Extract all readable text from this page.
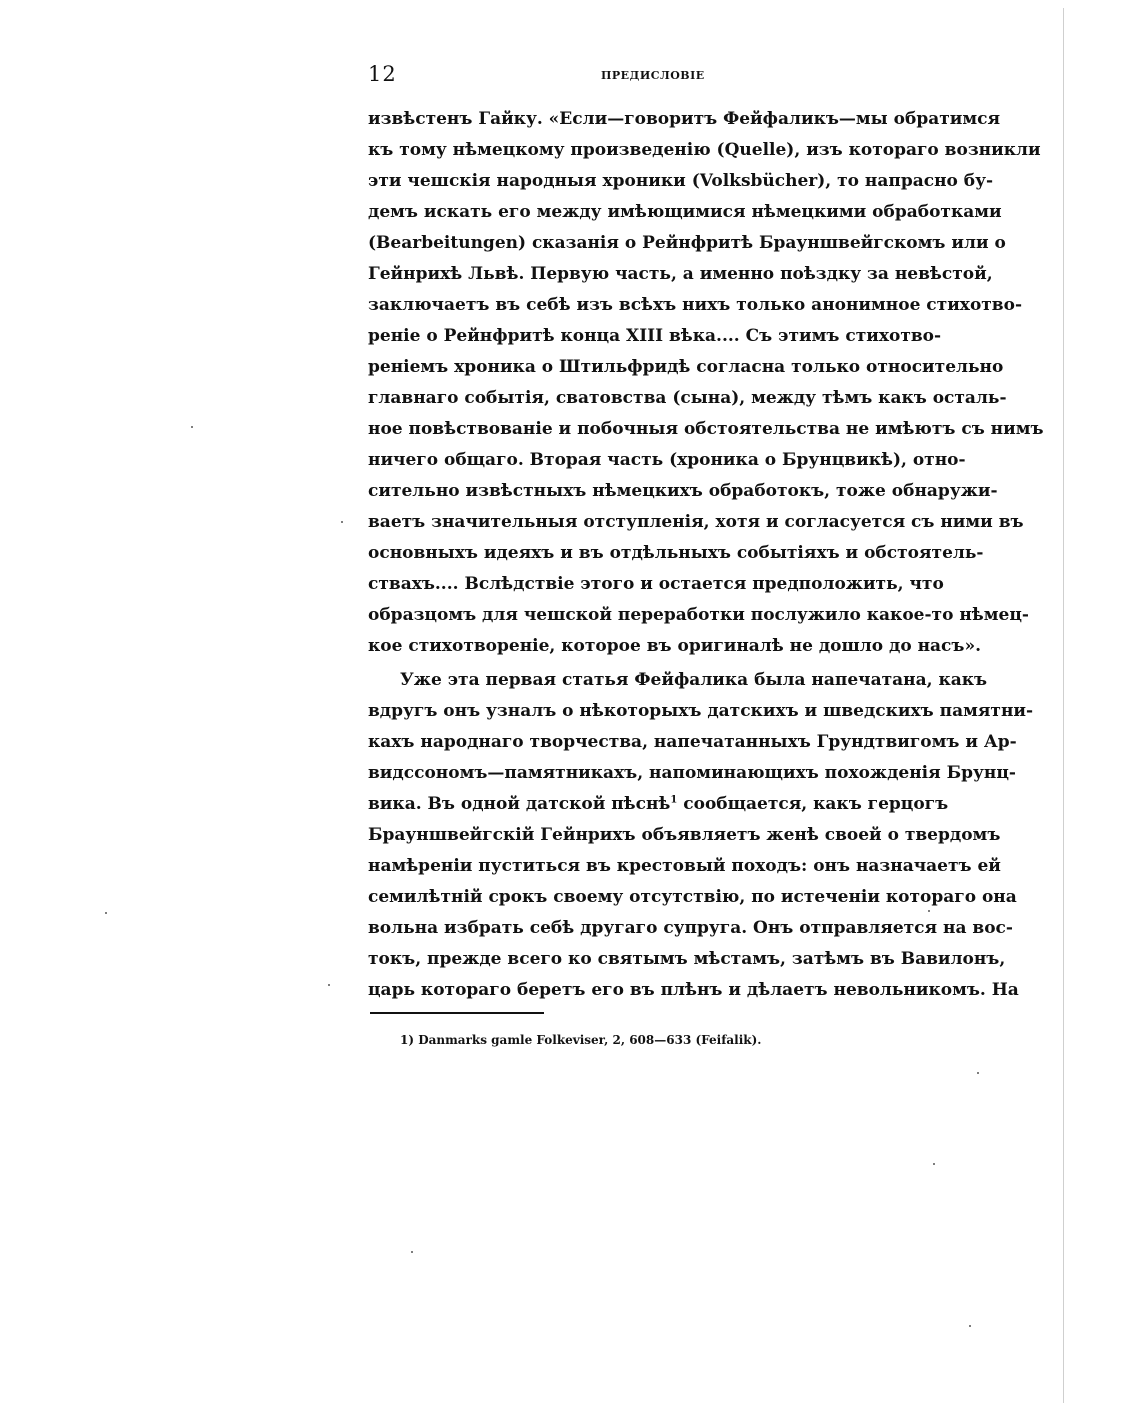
12	ПРЕДИСЛОВІЕ
извѣстенъ Гайку. «Если—говоритъ Фейфаликъ—мы обратимся
къ тому нѣмецкому произведенію (Quelle), изъ котораго возникли
эти чешскія народныя хроники (Volksbücher), то напрасно бу-
демъ искать его между имѣющимися нѣмецкими обработками
(Bearbeitungen) сказанія о Рейнфритѣ Брауншвейгскомъ или о
Гейнрихѣ Львѣ. Первую часть, а именно поѣздку за невѣстой,
заключаетъ въ себѣ изъ всѣхъ нихъ только анонимное стихотво-
реніе о Рейнфритѣ конца XIII вѣка.... Съ этимъ стихотво-
реніемъ хроника о Штильфридѣ согласна только относительно
главнаго событія, сватовства (сына), между тѣмъ какъ осталь-
ное повѣствованіе и побочныя обстоятельства не имѣютъ съ нимъ
ничего общаго. Вторая часть (хроника о Брунцвикѣ), отно-
сительно извѣстныхъ нѣмецкихъ обработокъ, тоже обнаружи-
ваетъ значительныя отступленія, хотя и согласуется съ ними въ
основныхъ идеяхъ и въ отдѣльныхъ событіяхъ и обстоятель-
ствахъ.... Вслѣдствіе этого и остается предположить, что
образцомъ для чешской переработки послужило какое-то нѣмец-
кое стихотвореніе, которое въ оригиналѣ не дошло до насъ».
Уже эта первая статья Фейфалика была напечатана, какъ
вдругъ онъ узналъ о нѣкоторыхъ датскихъ и шведскихъ памятни-
кахъ народнаго творчества, напечатанныхъ Грундтвигомъ и Ар-
видссономъ—памятникахъ, напоминающихъ похожденія Брунц-
вика. Въ одной датской пѣснѣ$^1$ сообщается, какъ герцогъ
Брауншвейгскій Гейнрихъ объявляетъ женѣ своей о твердомъ
намѣреніи пуститься въ крестовый походъ: онъ назначаетъ ей
семилѣтній срокъ своему отсутствію, по истеченіи котораго она
вольна избрать себѣ другаго супруга. Онъ отправляется на вос-
токъ, прежде всего ко святымъ мѣстамъ, затѣмъ въ Вавилонъ,
царь котораго беретъ его въ плѣнъ и дѣлаетъ невольникомъ. На
1) Danmarks gamle Folkeviser, 2, 608—633 (Feifalik).
